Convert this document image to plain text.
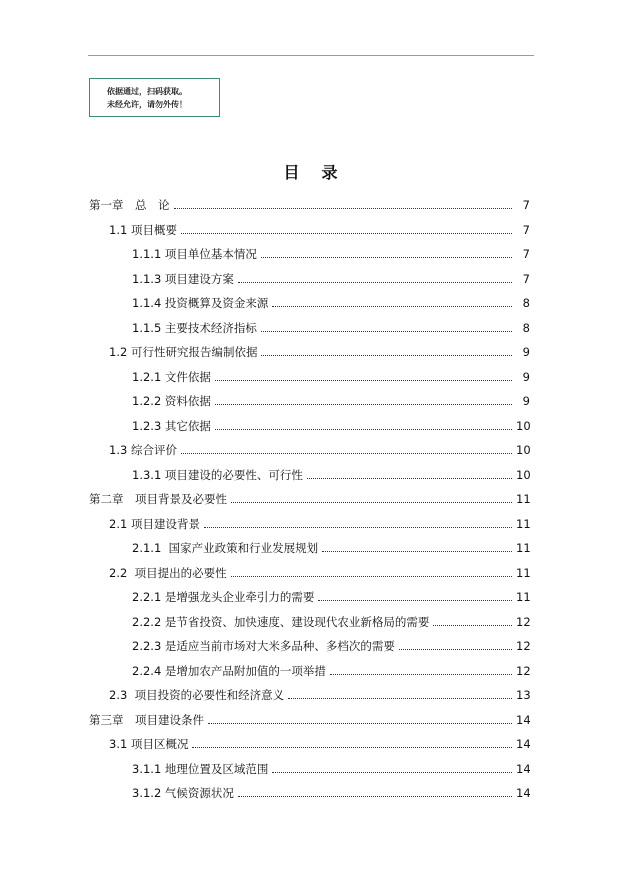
依据通过，扫码获取。
未经允许，请勿外传！
目录
第一章　总　论	7
1.1 项目概要	7
1.1.1 项目单位基本情况	7
1.1.3 项目建设方案	7
1.1.4 投资概算及资金来源	8
1.1.5 主要技术经济指标	8
1.2 可行性研究报告编制依据	9
1.2.1 文件依据	9
1.2.2 资料依据	9
1.2.3 其它依据	10
1.3 综合评价	10
1.3.1 项目建设的必要性、可行性	10
第二章　项目背景及必要性	11
2.1 项目建设背景	11
2.1.1  国家产业政策和行业发展规划	11
2.2  项目提出的必要性	11
2.2.1 是增强龙头企业牵引力的需要	11
2.2.2 是节省投资、加快速度、建设现代农业新格局的需要	12
2.2.3 是适应当前市场对大米多品种、多档次的需要	12
2.2.4 是增加农产品附加值的一项举措	12
2.3  项目投资的必要性和经济意义	13
第三章　项目建设条件	14
3.1 项目区概况	14
3.1.1 地理位置及区域范围	14
3.1.2 气候资源状况	14
